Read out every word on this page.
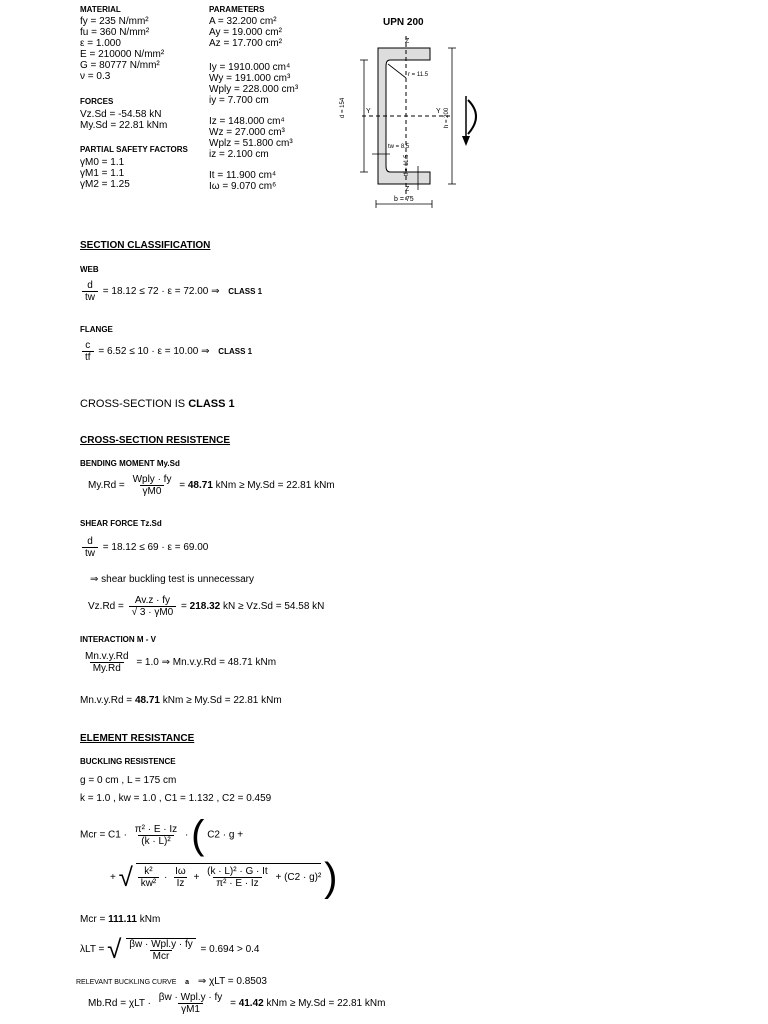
MATERIAL
fy = 235 N/mm²
fu = 360 N/mm²
ε = 1.000
E = 210000 N/mm²
G = 80777 N/mm²
ν = 0.3
FORCES
Vz.Sd = -54.58 kN
My.Sd = 22.81 kNm
PARTIAL SAFETY FACTORS
γM0 = 1.1
γM1 = 1.1
γM2 = 1.25
PARAMETERS
A = 32.200 cm²
Ay = 19.000 cm²
Az = 17.700 cm²
Iy = 1910.000 cm⁴
Wy = 191.000 cm³
Wply = 228.000 cm³
iy = 7.700 cm
Iz = 148.000 cm⁴
Wz = 27.000 cm³
Wplz = 51.800 cm³
iz = 2.100 cm
It = 11.900 cm⁴
Iω = 9.070 cm⁶
UPN 200
Z
Z
Y	Y
r = 11.5
d = 154	h = 200
tw = 8.5
tf = 11.5
b = 75
SECTION CLASSIFICATION
WEB
$\frac{d}{tw} = 18.12 \le 72 \cdot \varepsilon = 72.00$ ⇒ CLASS 1
FLANGE
$\frac{c}{tf} = 6.52 \le 10 \cdot \varepsilon = 10.00$ ⇒ CLASS 1
CROSS-SECTION IS CLASS 1
CROSS-SECTION RESISTENCE
BENDING MOMENT My.Sd
$My.Rd = \frac{\text{Wply · fy}}{\gamma M0} = 48.71$ kNm ≥ My.Sd = 22.81 kNm
SHEAR FORCE Tz.Sd
$\frac{d}{tw} = 18.12 \le 69 \cdot \varepsilon = 69.00$
⇒ shear buckling test is unnecessary
$Vz.Rd = \frac{Av.z \cdot fy}{√ 3 \cdot \gamma M0} = 218.32$ kN ≥ Vz.Sd = 54.58 kN
INTERACTION M - V
$\frac{Mn.v.y.Rd}{My.Rd} = 1.0$ ⇒ Mn.v.y.Rd = 48.71 kNm
Mn.v.y.Rd = 48.71 kNm ≥ My.Sd = 22.81 kNm
ELEMENT RESISTANCE
BUCKLING RESISTENCE
g = 0 cm , L = 175 cm
k = 1.0 , kw = 1.0 , C1 = 1.132 , C2 = 0.459
Mcr = $C1 \cdot \frac{\text{π² · E · Iz}}{\text{(k · L)²}}$ · ( C2 · g +
+ √ $\frac{\text{k²}}{\text{kw²}} \cdot \frac{I\omega}{Iz} + \frac{\text{(k · L)² · G · It}}{\text{π² · E · Iz}} + (C2 \cdot g)^2$ )
Mcr = 111.11 kNm
λLT = √ $\frac{\text{βw · Wpl.y · fy}}{\text{Mcr}} = 0.694 > 0.4$
RELEVANT BUCKLING CURVE a ⇒ χLT = 0.8503
$Mb.Rd = \chi LT \cdot \frac{\text{βw · Wpl.y · fy}}{\gamma M1} = 41.42$ kNm ≥ My.Sd = 22.81 kNm
